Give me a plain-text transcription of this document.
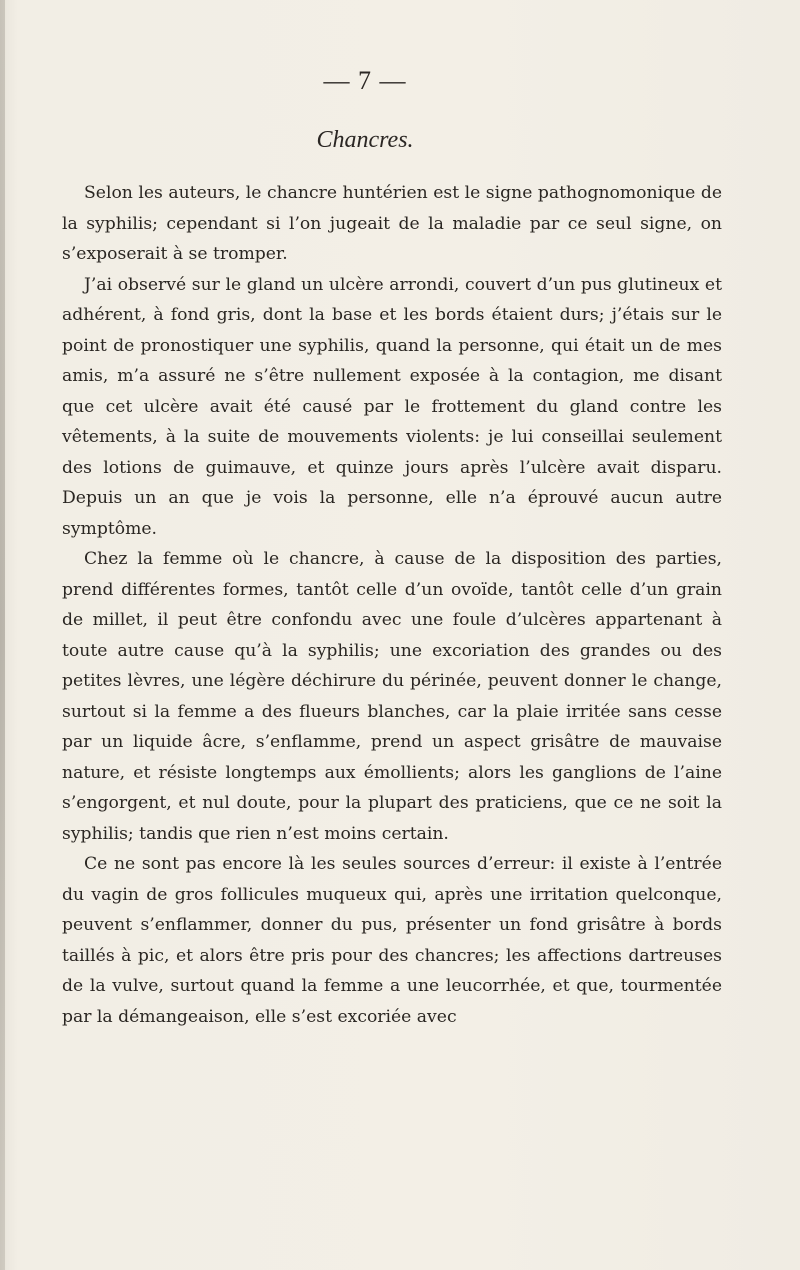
— 7 —
Chancres.

Selon les auteurs, le chancre huntérien est le signe pathognomonique de la syphilis; cependant si l’on jugeait de la maladie par ce seul signe, on s’exposerait à se tromper.

J’ai observé sur le gland un ulcère arrondi, couvert d’un pus glutineux et adhérent, à fond gris, dont la base et les bords étaient durs; j’étais sur le point de pronostiquer une syphilis, quand la personne, qui était un de mes amis, m’a assuré ne s’être nullement exposée à la contagion, me disant que cet ulcère avait été causé par le frottement du gland contre les vêtements, à la suite de mouvements violents: je lui conseillai seulement des lotions de guimauve, et quinze jours après l’ulcère avait disparu. Depuis un an que je vois la personne, elle n’a éprouvé aucun autre symptôme.

Chez la femme où le chancre, à cause de la disposition des parties, prend différentes formes, tantôt celle d’un ovoïde, tantôt celle d’un grain de millet, il peut être confondu avec une foule d’ulcères appartenant à toute autre cause qu’à la syphilis; une excoriation des grandes ou des petites lèvres, une légère déchirure du périnée, peuvent donner le change, surtout si la femme a des flueurs blanches, car la plaie irritée sans cesse par un liquide âcre, s’enflamme, prend un aspect grisâtre de mauvaise nature, et résiste longtemps aux émollients; alors les ganglions de l’aine s’engorgent, et nul doute, pour la plupart des praticiens, que ce ne soit la syphilis; tandis que rien n’est moins certain.

Ce ne sont pas encore là les seules sources d’erreur: il existe à l’entrée du vagin de gros follicules muqueux qui, après une irritation quelconque, peuvent s’enflammer, donner du pus, présenter un fond grisâtre à bords taillés à pic, et alors être pris pour des chancres; les affections dartreuses de la vulve, surtout quand la femme a une leucorrhée, et que, tourmentée par la démangeaison, elle s’est excoriée avec
